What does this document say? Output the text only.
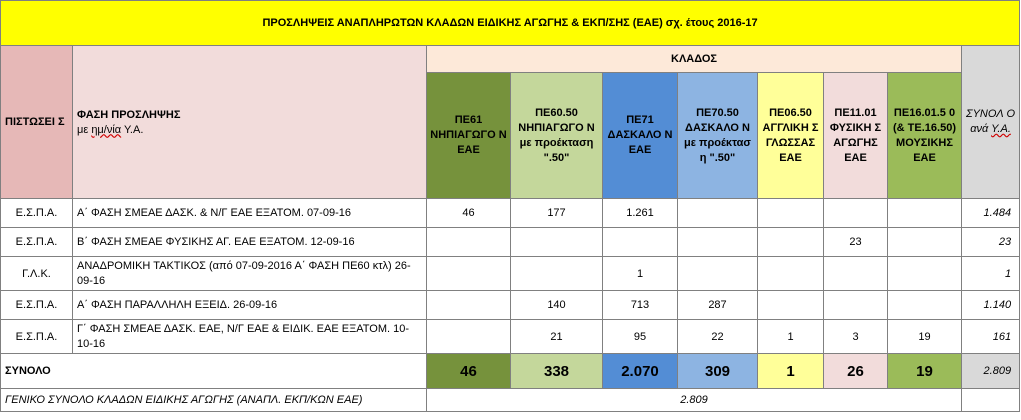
ΠΡΟΣΛΗΨΕΙΣ ΑΝΑΠΛΗΡΩΤΩΝ ΚΛΑΔΩΝ ΕΙΔΙΚΗΣ ΑΓΩΓΗΣ & ΕΚΠ/ΣΗΣ (ΕΑΕ) σχ. έτους 2016-17									
ΠΙΣΤΩΣΕΙ Σ	ΦΑΣΗ ΠΡΟΣΛΗΨΗΣ
με ημ/νία Υ.Α.	ΚΛΑΔΟΣ							ΣΥΝΟΛ Ο ανά Υ.Α.
		ΠΕ61 ΝΗΠΙΑΓΩΓΟ Ν ΕΑΕ	ΠΕ60.50 ΝΗΠΙΑΓΩΓΟ Ν με προέκταση ".50"	ΠΕ71 ΔΑΣΚΑΛΟ Ν ΕΑΕ	ΠΕ70.50 ΔΑΣΚΑΛΟ Ν με προέκτασ η ".50"	ΠΕ06.50 ΑΓΓΛΙΚΗ Σ ΓΛΩΣΣΑΣ ΕΑΕ	ΠΕ11.01 ΦΥΣΙΚΗ Σ ΑΓΩΓΗΣ ΕΑΕ	ΠΕ16.01.5 0 (& ΤΕ.16.50) ΜΟΥΣΙΚΗΣ ΕΑΕ	
Ε.Σ.Π.Α.	Α΄ ΦΑΣΗ ΣΜΕΑΕ ΔΑΣΚ. & Ν/Γ ΕΑΕ ΕΞΑΤΟΜ. 07-09-16	46	177	1.261					1.484
Ε.Σ.Π.Α.	Β΄ ΦΑΣΗ ΣΜΕΑΕ ΦΥΣΙΚΗΣ ΑΓ. ΕΑΕ ΕΞΑΤΟΜ. 12-09-16						23		23
Γ.Λ.Κ.	ΑΝΑΔΡΟΜΙΚΗ ΤΑΚΤΙΚΟΣ (από 07-09-2016 Α΄ ΦΑΣΗ ΠΕ60 κτλ) 26-09-16			1					1
Ε.Σ.Π.Α.	Α΄ ΦΑΣΗ ΠΑΡΑΛΛΗΛΗ ΕΞΕΙΔ. 26-09-16		140	713	287				1.140
Ε.Σ.Π.Α.	Γ΄ ΦΑΣΗ ΣΜΕΑΕ ΔΑΣΚ. ΕΑΕ, Ν/Γ ΕΑΕ & ΕΙΔΙΚ. ΕΑΕ ΕΞΑΤΟΜ. 10-10-16		21	95	22	1	3	19	161
ΣΥΝΟΛΟ		46	338	2.070	309	1	26	19	2.809
ΓΕΝΙΚΟ ΣΥΝΟΛΟ ΚΛΑΔΩΝ ΕΙΔΙΚΗΣ ΑΓΩΓΗΣ (ΑΝΑΠΛ. ΕΚΠ/ΚΩΝ ΕΑΕ)		2.809							
